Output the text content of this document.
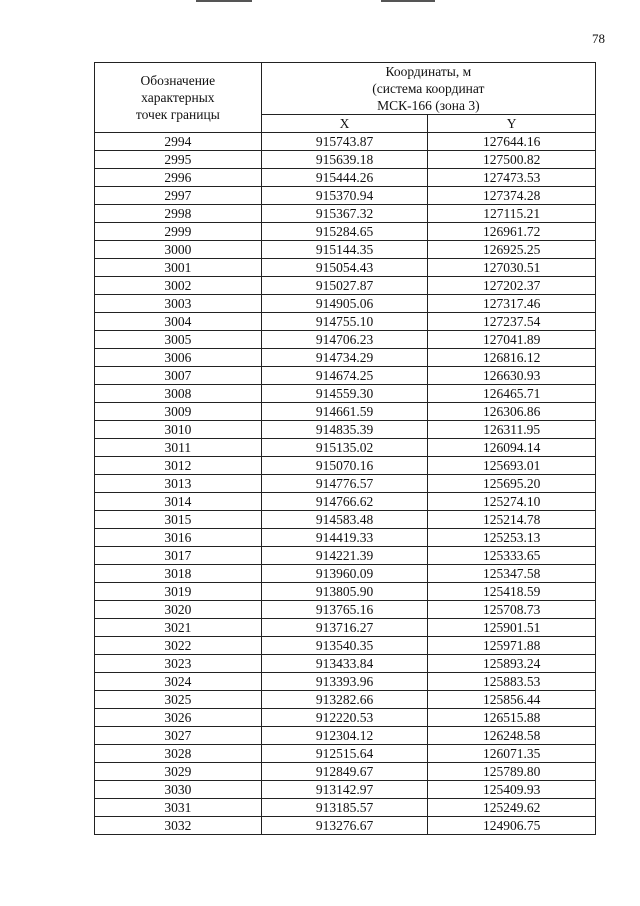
78
Обозначение
характерных
точек границы	Координаты, м
(система координат
МСК-166 (зона 3)	

	X	Y
2994	915743.87	127644.16
2995	915639.18	127500.82
2996	915444.26	127473.53
2997	915370.94	127374.28
2998	915367.32	127115.21
2999	915284.65	126961.72
3000	915144.35	126925.25
3001	915054.43	127030.51
3002	915027.87	127202.37
3003	914905.06	127317.46
3004	914755.10	127237.54
3005	914706.23	127041.89
3006	914734.29	126816.12
3007	914674.25	126630.93
3008	914559.30	126465.71
3009	914661.59	126306.86
3010	914835.39	126311.95
3011	915135.02	126094.14
3012	915070.16	125693.01
3013	914776.57	125695.20
3014	914766.62	125274.10
3015	914583.48	125214.78
3016	914419.33	125253.13
3017	914221.39	125333.65
3018	913960.09	125347.58
3019	913805.90	125418.59
3020	913765.16	125708.73
3021	913716.27	125901.51
3022	913540.35	125971.88
3023	913433.84	125893.24
3024	913393.96	125883.53
3025	913282.66	125856.44
3026	912220.53	126515.88
3027	912304.12	126248.58
3028	912515.64	126071.35
3029	912849.67	125789.80
3030	913142.97	125409.93
3031	913185.57	125249.62
3032	913276.67	124906.75
